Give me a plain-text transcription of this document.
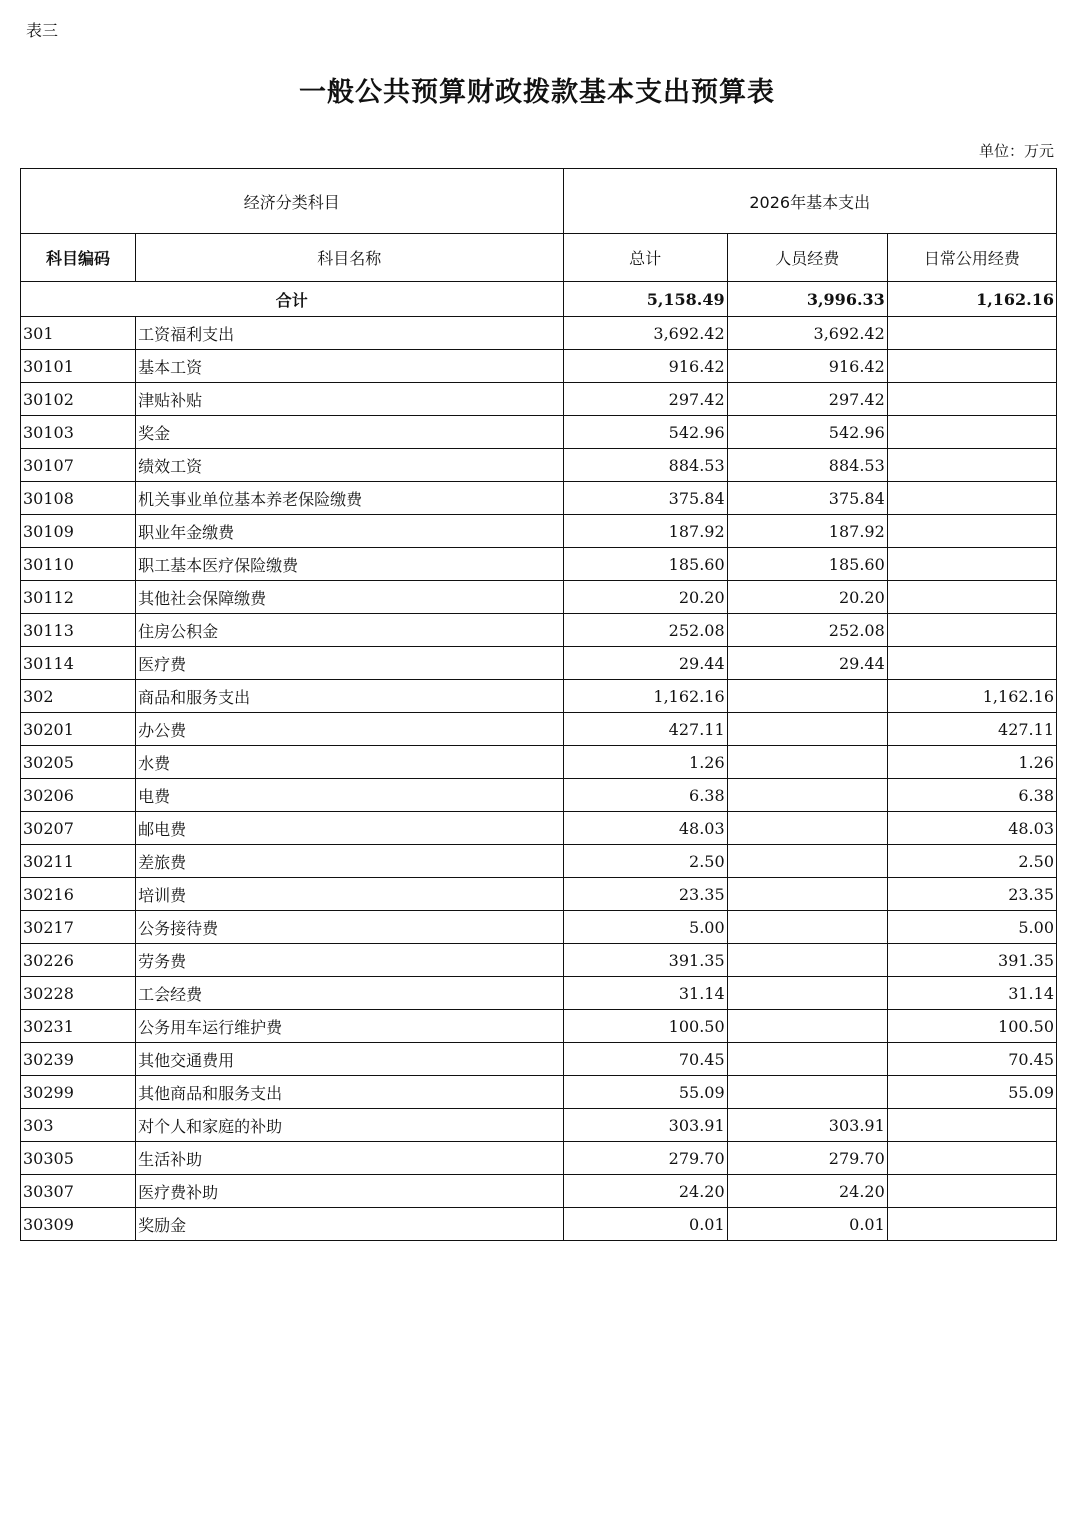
表三
一般公共预算财政拨款基本支出预算表
单位：万元
经济分类科目		2026年基本支出		
科目编码	科目名称	总计	人员经费	日常公用经费
合计		5,158.49	3,996.33	1,162.16
301	工资福利支出	3,692.42	3,692.42	
30101	基本工资	916.42	916.42	
30102	津贴补贴	297.42	297.42	
30103	奖金	542.96	542.96	
30107	绩效工资	884.53	884.53	
30108	机关事业单位基本养老保险缴费	375.84	375.84	
30109	职业年金缴费	187.92	187.92	
30110	职工基本医疗保险缴费	185.60	185.60	
30112	其他社会保障缴费	20.20	20.20	
30113	住房公积金	252.08	252.08	
30114	医疗费	29.44	29.44	
302	商品和服务支出	1,162.16		1,162.16
30201	办公费	427.11		427.11
30205	水费	1.26		1.26
30206	电费	6.38		6.38
30207	邮电费	48.03		48.03
30211	差旅费	2.50		2.50
30216	培训费	23.35		23.35
30217	公务接待费	5.00		5.00
30226	劳务费	391.35		391.35
30228	工会经费	31.14		31.14
30231	公务用车运行维护费	100.50		100.50
30239	其他交通费用	70.45		70.45
30299	其他商品和服务支出	55.09		55.09
303	对个人和家庭的补助	303.91	303.91	
30305	生活补助	279.70	279.70	
30307	医疗费补助	24.20	24.20	
30309	奖励金	0.01	0.01	
